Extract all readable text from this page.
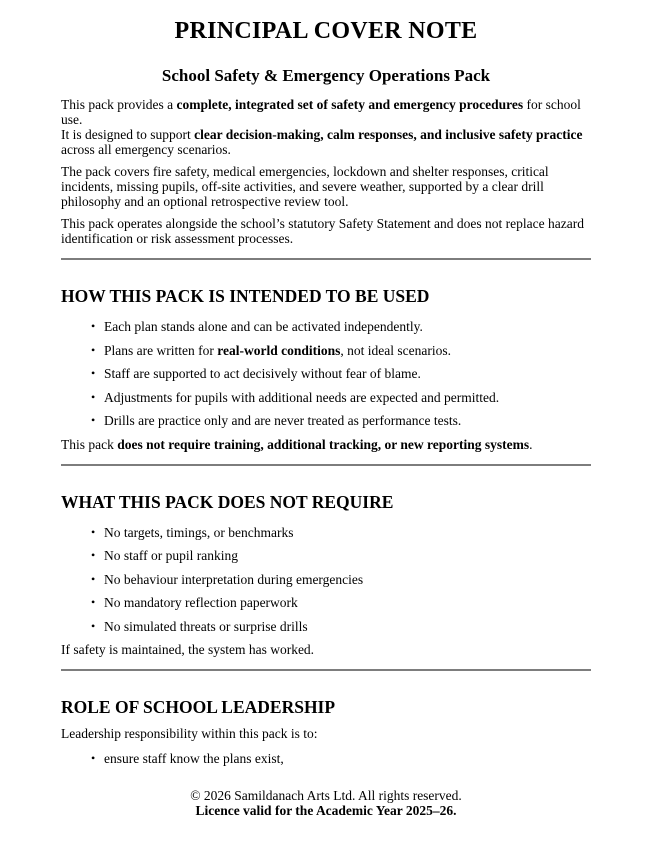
PRINCIPAL COVER NOTE
School Safety & Emergency Operations Pack

This pack provides a complete, integrated set of safety and emergency procedures for school use.

It is designed to support clear decision-making, calm responses, and inclusive safety practice across all emergency scenarios.

The pack covers fire safety, medical emergencies, lockdown and shelter responses, critical incidents, missing pupils, off-site activities, and severe weather, supported by a clear drill philosophy and an optional retrospective review tool.

This pack operates alongside the school’s statutory Safety Statement and does not replace hazard identification or risk assessment processes.

HOW THIS PACK IS INTENDED TO BE USED
• Each plan stands alone and can be activated independently.
• Plans are written for real-world conditions, not ideal scenarios.
• Staff are supported to act decisively without fear of blame.
• Adjustments for pupils with additional needs are expected and permitted.
• Drills are practice only and are never treated as performance tests.

This pack does not require training, additional tracking, or new reporting systems.

WHAT THIS PACK DOES NOT REQUIRE
• No targets, timings, or benchmarks
• No staff or pupil ranking
• No behaviour interpretation during emergencies
• No mandatory reflection paperwork
• No simulated threats or surprise drills

If safety is maintained, the system has worked.

ROLE OF SCHOOL LEADERSHIP

Leadership responsibility within this pack is to:

• ensure staff know the plans exist,
© 2026 Samildanach Arts Ltd. All rights reserved.
Licence valid for the Academic Year 2025–26.
